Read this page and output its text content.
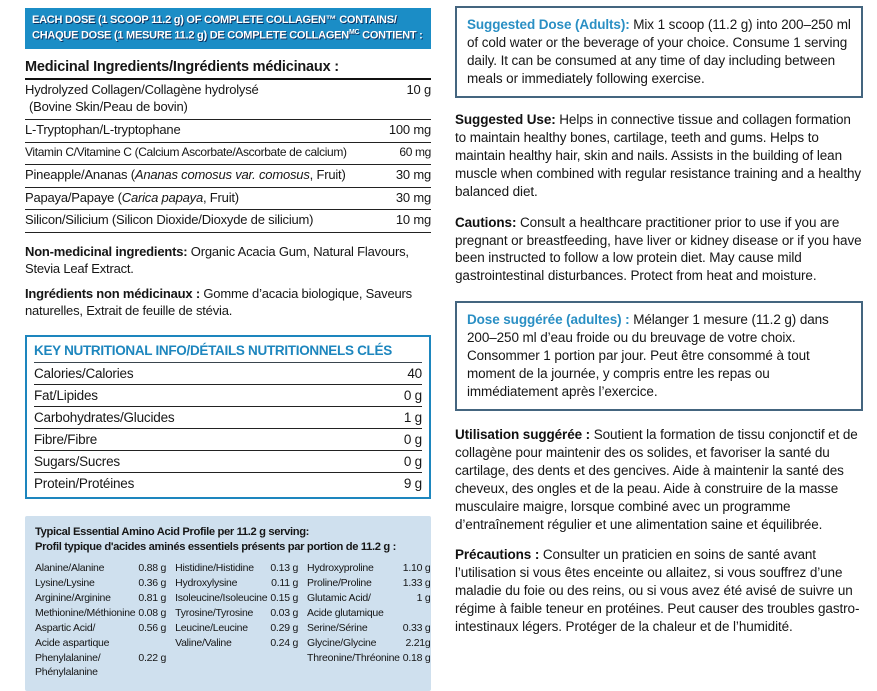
EACH DOSE (1 SCOOP 11.2 g) OF COMPLETE COLLAGEN™ CONTAINS/
CHAQUE DOSE (1 MESURE 11.2 g) DE COMPLETE $COLLAGEN^{MC}$ CONTIENT :
Medicinal Ingredients/Ingrédients médicinaux :
Hydrolyzed Collagen/Collagène hydrolysé
(Bovine Skin/Peau de bovin)
10 g
L-Tryptophan/L-tryptophane	100 mg
Vitamin C/Vitamine C (Calcium Ascorbate/Ascorbate de calcium)	60 mg
Pineapple/Ananas (Ananas comosus var. comosus, Fruit)	30 mg
Papaya/Papaye (Carica papaya, Fruit)	30 mg
Silicon/Silicium (Silicon Dioxide/Dioxyde de silicium)	10 mg

Non-medicinal ingredients: Organic Acacia Gum, Natural Flavours, Stevia Leaf Extract.

Ingrédients non médicinaux : Gomme d’acacia biologique, Saveurs naturelles, Extrait de feuille de stévia.

KEY NUTRITIONAL INFO/DÉTAILS NUTRITIONNELS CLÉS
Calories/Calories	40
Fat/Lipides	0 g
Carbohydrates/Glucides	1 g
Fibre/Fibre	0 g
Sugars/Sucres	0 g
Protein/Protéines	9 g
Typical Essential Amino Acid Profile per 11.2 g serving:
Profil typique d'acides aminés essentiels présents par portion de 11.2 g :
Alanine/Alanine	0.88 g
Lysine/Lysine	0.36 g
Arginine/Arginine	0.81 g
Methionine/Méthionine 0.08 g
Aspartic Acid/
Acide aspartique
0.56 g
Phenylalanine/
Phénylalanine
0.22 g
Histidine/Histidine 0.13 g
Hydroxylysine	0.11 g
Isoleucine/Isoleucine 0.15 g
Tyrosine/Tyrosine 0.03 g
Leucine/Leucine 0.29 g
Valine/Valine	0.24 g
Hydroxyproline	1.10 g
Proline/Proline	1.33 g
Glutamic Acid/
Acide glutamique
1 g
Serine/Sérine	0.33 g
Glycine/Glycine	2.21g
Threonine/Thréonine 0.18 g
Suggested Dose (Adults): Mix 1 scoop (11.2 g) into 200–250 ml of cold water or the beverage of your choice. Consume 1 serving daily. It can be consumed at any time of day including between meals or immediately following exercise.

Suggested Use: Helps in connective tissue and collagen formation to maintain healthy bones, cartilage, teeth and gums. Helps to maintain healthy hair, skin and nails. Assists in the building of lean muscle when combined with regular resistance training and a healthy balanced diet.

Cautions: Consult a healthcare practitioner prior to use if you are pregnant or breastfeeding, have liver or kidney disease or if you have been instructed to follow a low protein diet. May cause mild gastrointestinal disturbances. Protect from heat and moisture.

Dose suggérée (adultes) : Mélanger 1 mesure (11.2 g) dans 200–250 ml d’eau froide ou du breuvage de votre choix. Consommer 1 portion par jour. Peut être consommé à tout moment de la journée, y compris entre les repas ou immédiatement après l’exercice.

Utilisation suggérée : Soutient la formation de tissu conjonctif et de collagène pour maintenir des os solides, et favoriser la santé du cartilage, des dents et des gencives. Aide à maintenir la santé des cheveux, des ongles et de la peau. Aide à construire de la masse musculaire maigre, lorsque combiné avec un programme d’entraînement régulier et une alimentation saine et équilibrée.

Précautions : Consulter un praticien en soins de santé avant l’utilisation si vous êtes enceinte ou allaitez, si vous souffrez d’une maladie du foie ou des reins, ou si vous avez été avisé de suivre un régime à faible teneur en protéines. Peut causer des troubles gastro-intestinaux légers. Protéger de la chaleur et de l’humidité.
